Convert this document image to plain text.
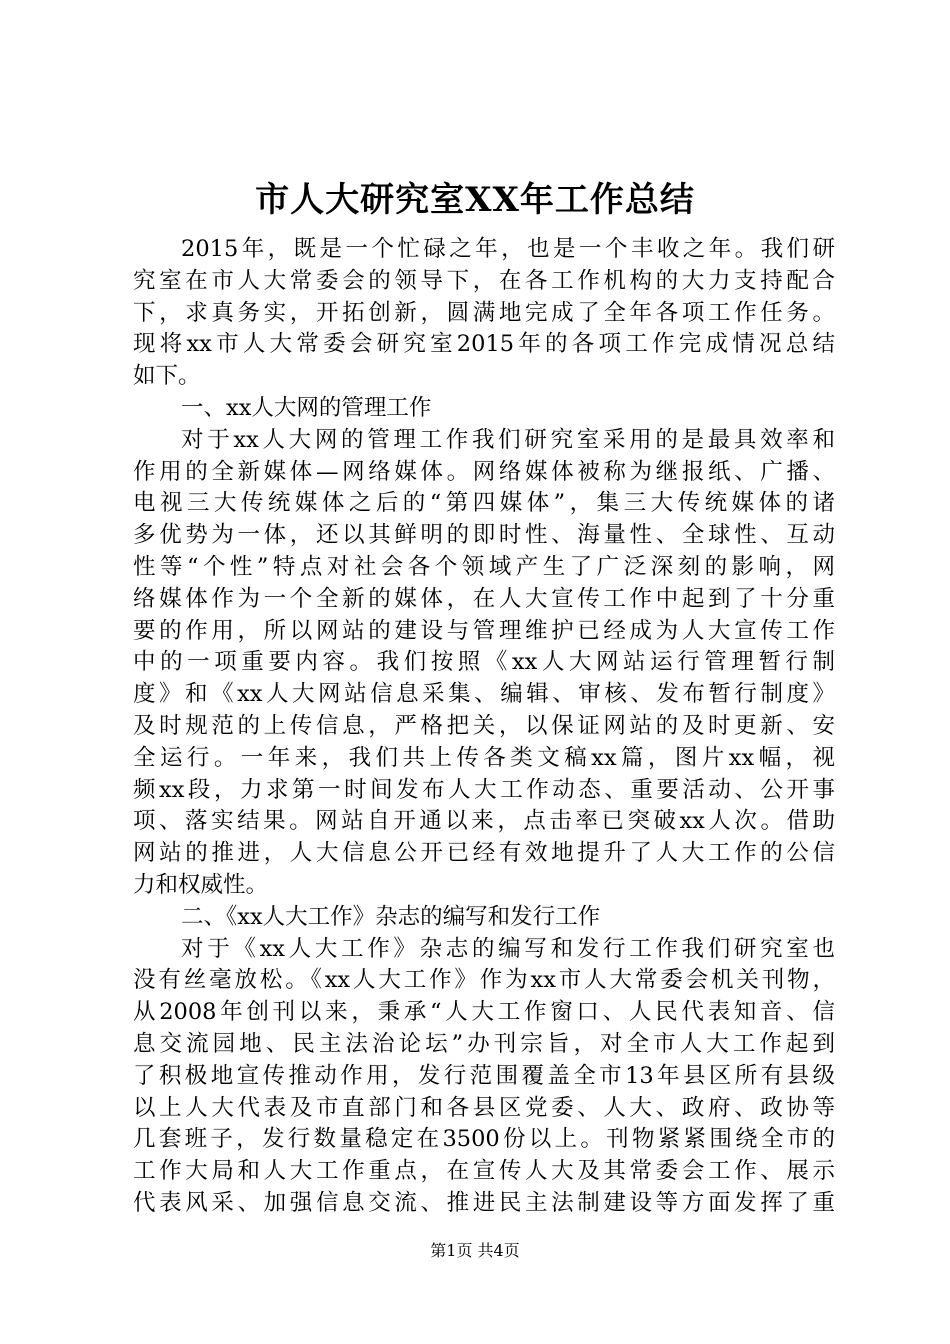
市人大研究室XX年工作总结
2015年，既是一个忙碌之年，也是一个丰收之年。我们研
究室在市人大常委会的领导下，在各工作机构的大力支持配合
下，求真务实，开拓创新，圆满地完成了全年各项工作任务。
现将xx市人大常委会研究室2015年的各项工作完成情况总结
如下。
一、xx人大网的管理工作
对于xx人大网的管理工作我们研究室采用的是最具效率和
作用的全新媒体—网络媒体。网络媒体被称为继报纸、广播、
电视三大传统媒体之后的“第四媒体”，集三大传统媒体的诸
多优势为一体，还以其鲜明的即时性、海量性、全球性、互动
性等“个性”特点对社会各个领域产生了广泛深刻的影响，网
络媒体作为一个全新的媒体，在人大宣传工作中起到了十分重
要的作用，所以网站的建设与管理维护已经成为人大宣传工作
中的一项重要内容。我们按照《xx人大网站运行管理暂行制
度》和《xx人大网站信息采集、编辑、审核、发布暂行制度》
及时规范的上传信息，严格把关，以保证网站的及时更新、安
全运行。一年来，我们共上传各类文稿xx篇，图片xx幅，视
频xx段，力求第一时间发布人大工作动态、重要活动、公开事
项、落实结果。网站自开通以来，点击率已突破xx人次。借助
网站的推进，人大信息公开已经有效地提升了人大工作的公信
力和权威性。
二、《xx人大工作》杂志的编写和发行工作
对于《xx人大工作》杂志的编写和发行工作我们研究室也
没有丝毫放松。《xx人大工作》作为xx市人大常委会机关刊物，
从2008年创刊以来，秉承“人大工作窗口、人民代表知音、信
息交流园地、民主法治论坛”办刊宗旨，对全市人大工作起到
了积极地宣传推动作用，发行范围覆盖全市13年县区所有县级
以上人大代表及市直部门和各县区党委、人大、政府、政协等
几套班子，发行数量稳定在3500份以上。刊物紧紧围绕全市的
工作大局和人大工作重点，在宣传人大及其常委会工作、展示
代表风采、加强信息交流、推进民主法制建设等方面发挥了重
第1页 共4页
